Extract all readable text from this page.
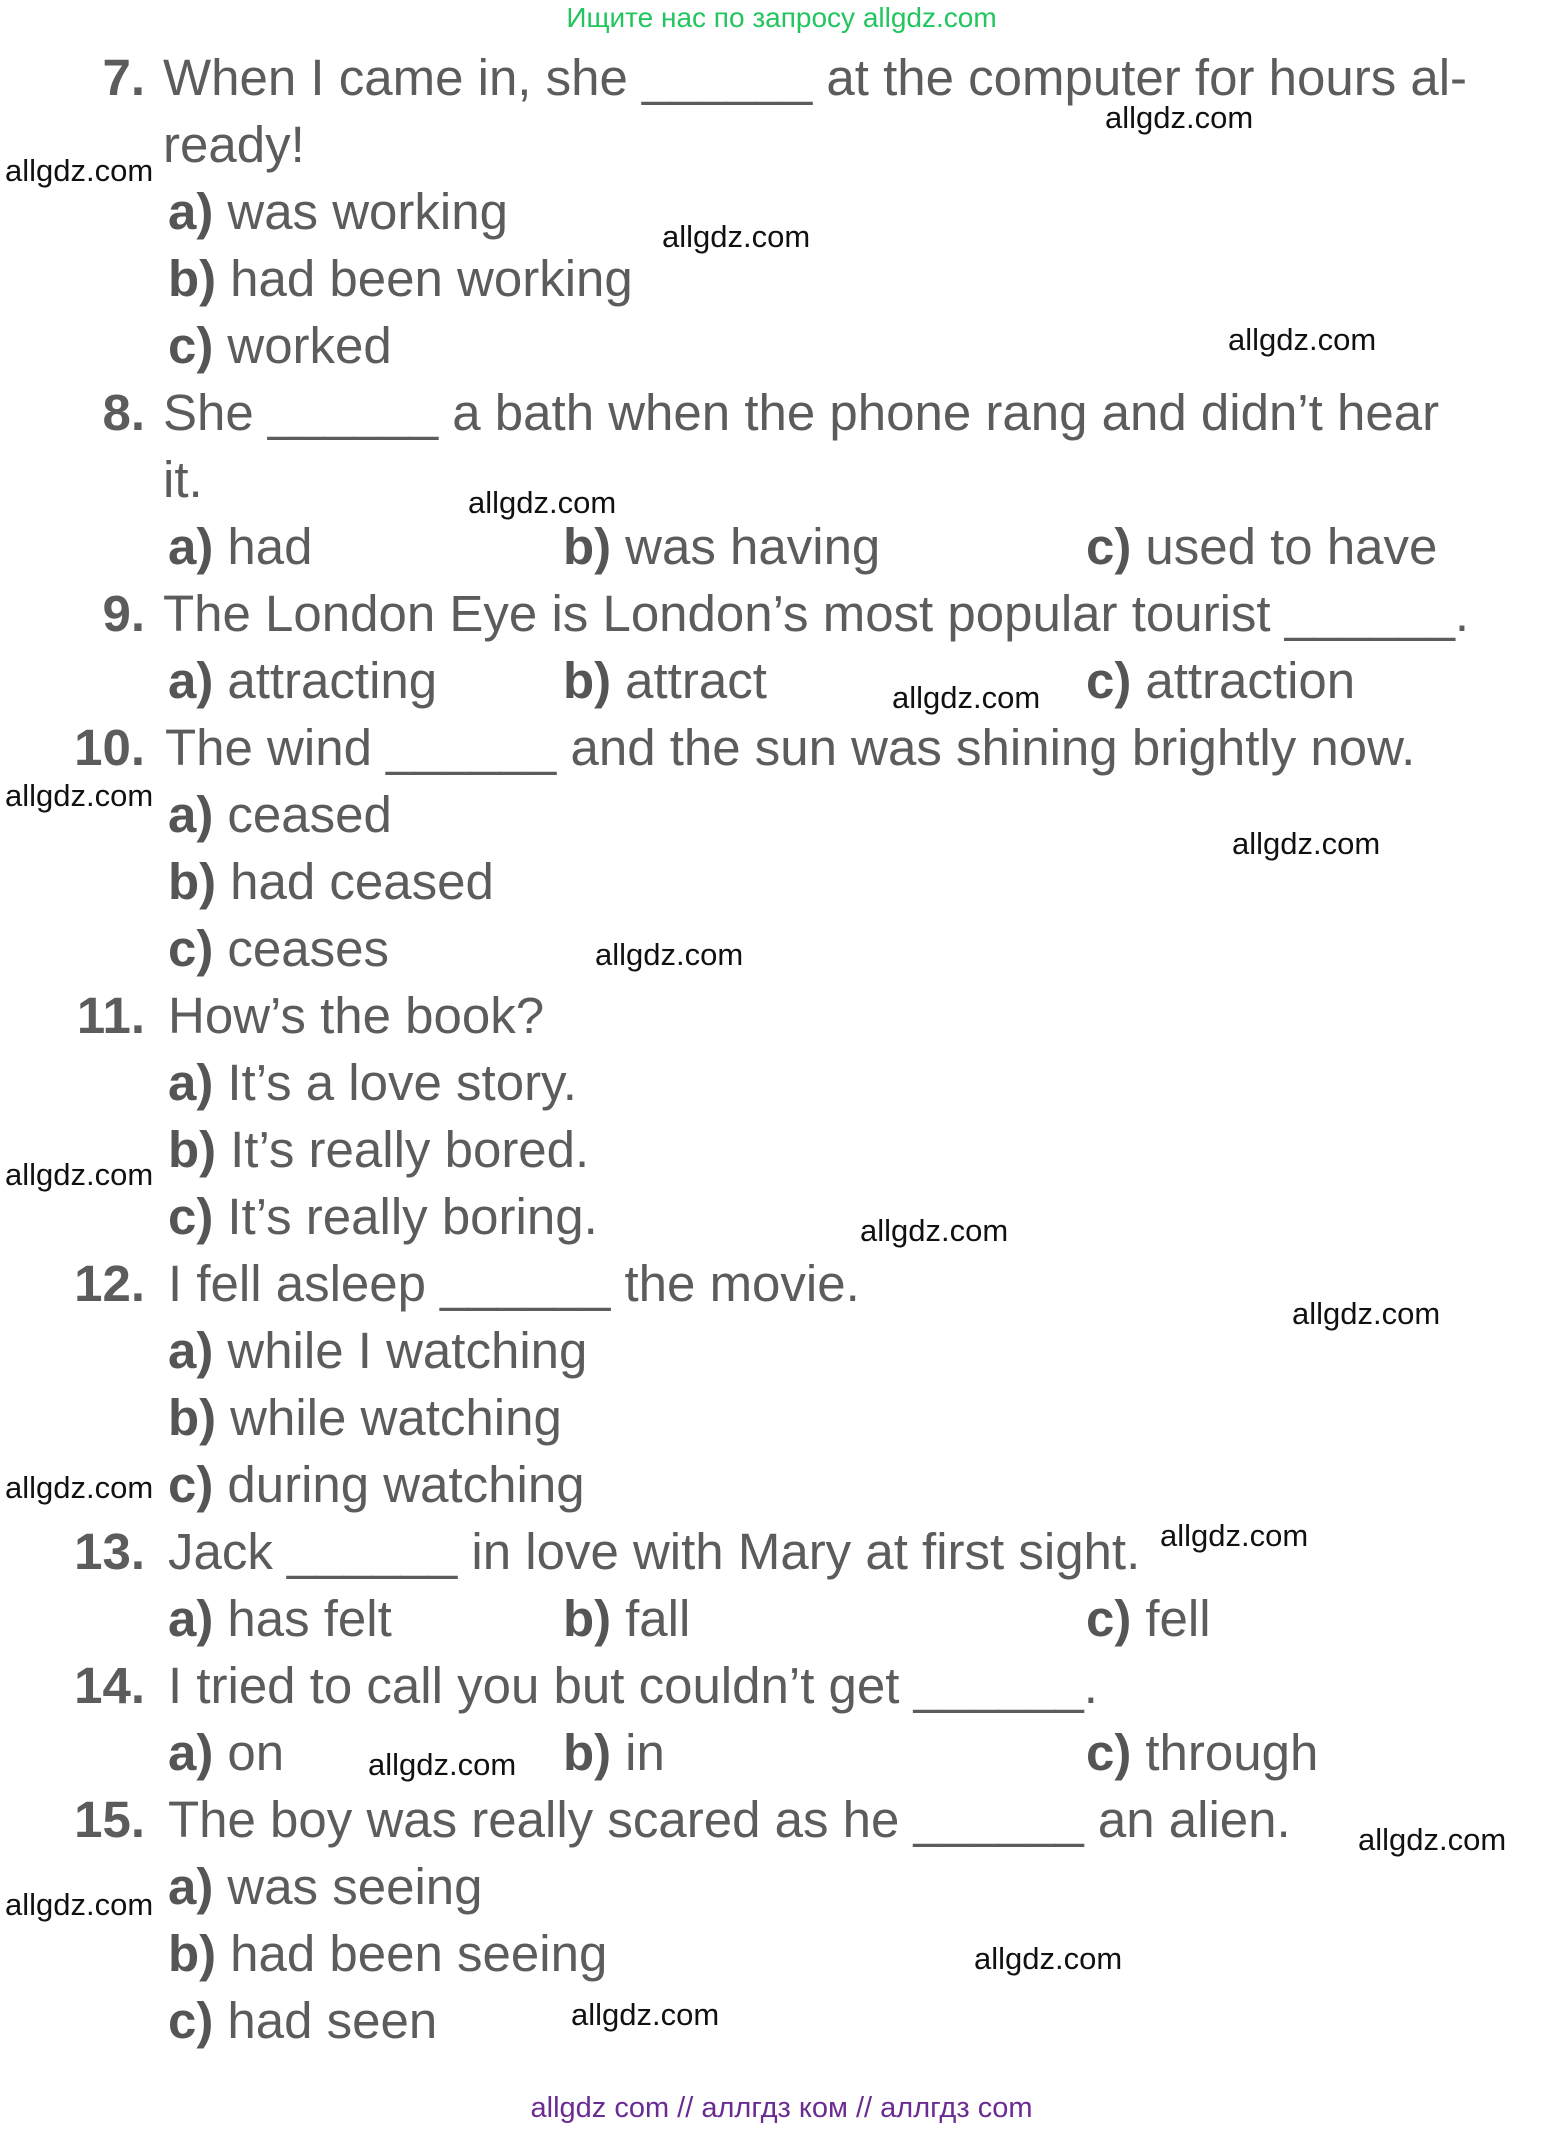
Ищите нас по запросу allgdz.com
7. When I came in, she ______ at the computer for hours al-
ready!
a) was working
b) had been working
c) worked
8. She ______ a bath when the phone rang and didn’t hear
it.
a) had	b) was having	c) used to have
9. The London Eye is London’s most popular tourist ______.
a) attracting b) attract	c) attraction
10. The wind ______ and the sun was shining brightly now.
a) ceased
b) had ceased
c) ceases
11. How’s the book?
a) It’s a love story.
b) It’s really bored.
c) It’s really boring.
12. I fell asleep ______ the movie.
a) while I watching
b) while watching
c) during watching
13. Jack ______ in love with Mary at first sight.
a) has felt	b) fall	c) fell
14. I tried to call you but couldn’t get ______.
a) on	b) in	c) through
15. The boy was really scared as he ______ an alien.
a) was seeing
b) had been seeing
c) had seen
allgdz.com
allgdz.com
allgdz.com
allgdz.com
allgdz.com
allgdz.com
allgdz.com
allgdz.com
allgdz.com
allgdz.com
allgdz.com
allgdz.com
allgdz.com
allgdz.com
allgdz.com
allgdz.com
allgdz.com
allgdz.com
allgdz.com
allgdz com // аллгдз ком // аллгдз com
